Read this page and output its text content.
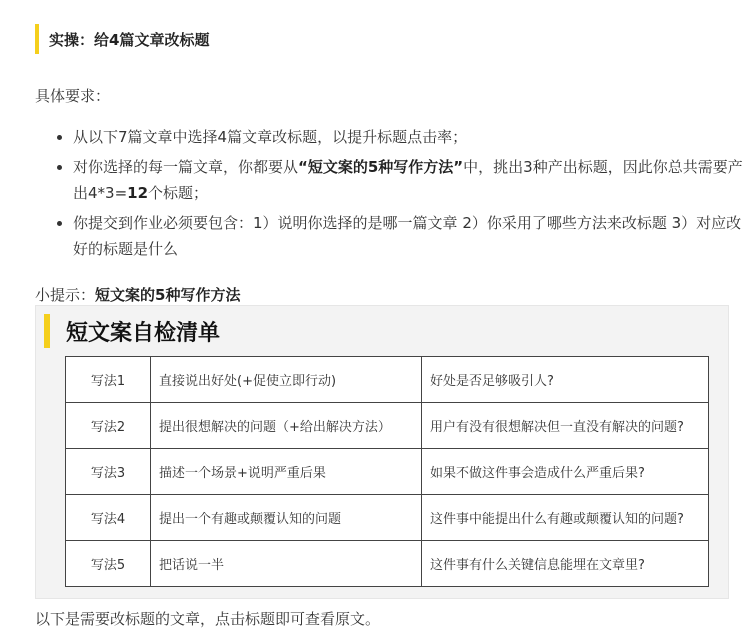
实操：给4篇文章改标题
具体要求：
• 从以下7篇文章中选择4篇文章改标题，以提升标题点击率；
• 对你选择的每一篇文章，你都要从“短文案的5种写作方法”中，挑出3种产出标题，因此你总共需要产出4*3=12个标题；
• 你提交到作业必须要包含：1）说明你选择的是哪一篇文章 2）你采用了哪些方法来改标题 3）对应改好的标题是什么
小提示：短文案的5种写作方法
短文案自检清单
写法1	直接说出好处(+促使立即行动)	好处是否足够吸引人?
写法2	提出很想解决的问题（+给出解决方法）	用户有没有很想解决但一直没有解决的问题?
写法3	描述一个场景+说明严重后果	如果不做这件事会造成什么严重后果?
写法4	提出一个有趣或颠覆认知的问题	这件事中能提出什么有趣或颠覆认知的问题?
写法5	把话说一半	这件事有什么关键信息能埋在文章里?
以下是需要改标题的文章，点击标题即可查看原文。
